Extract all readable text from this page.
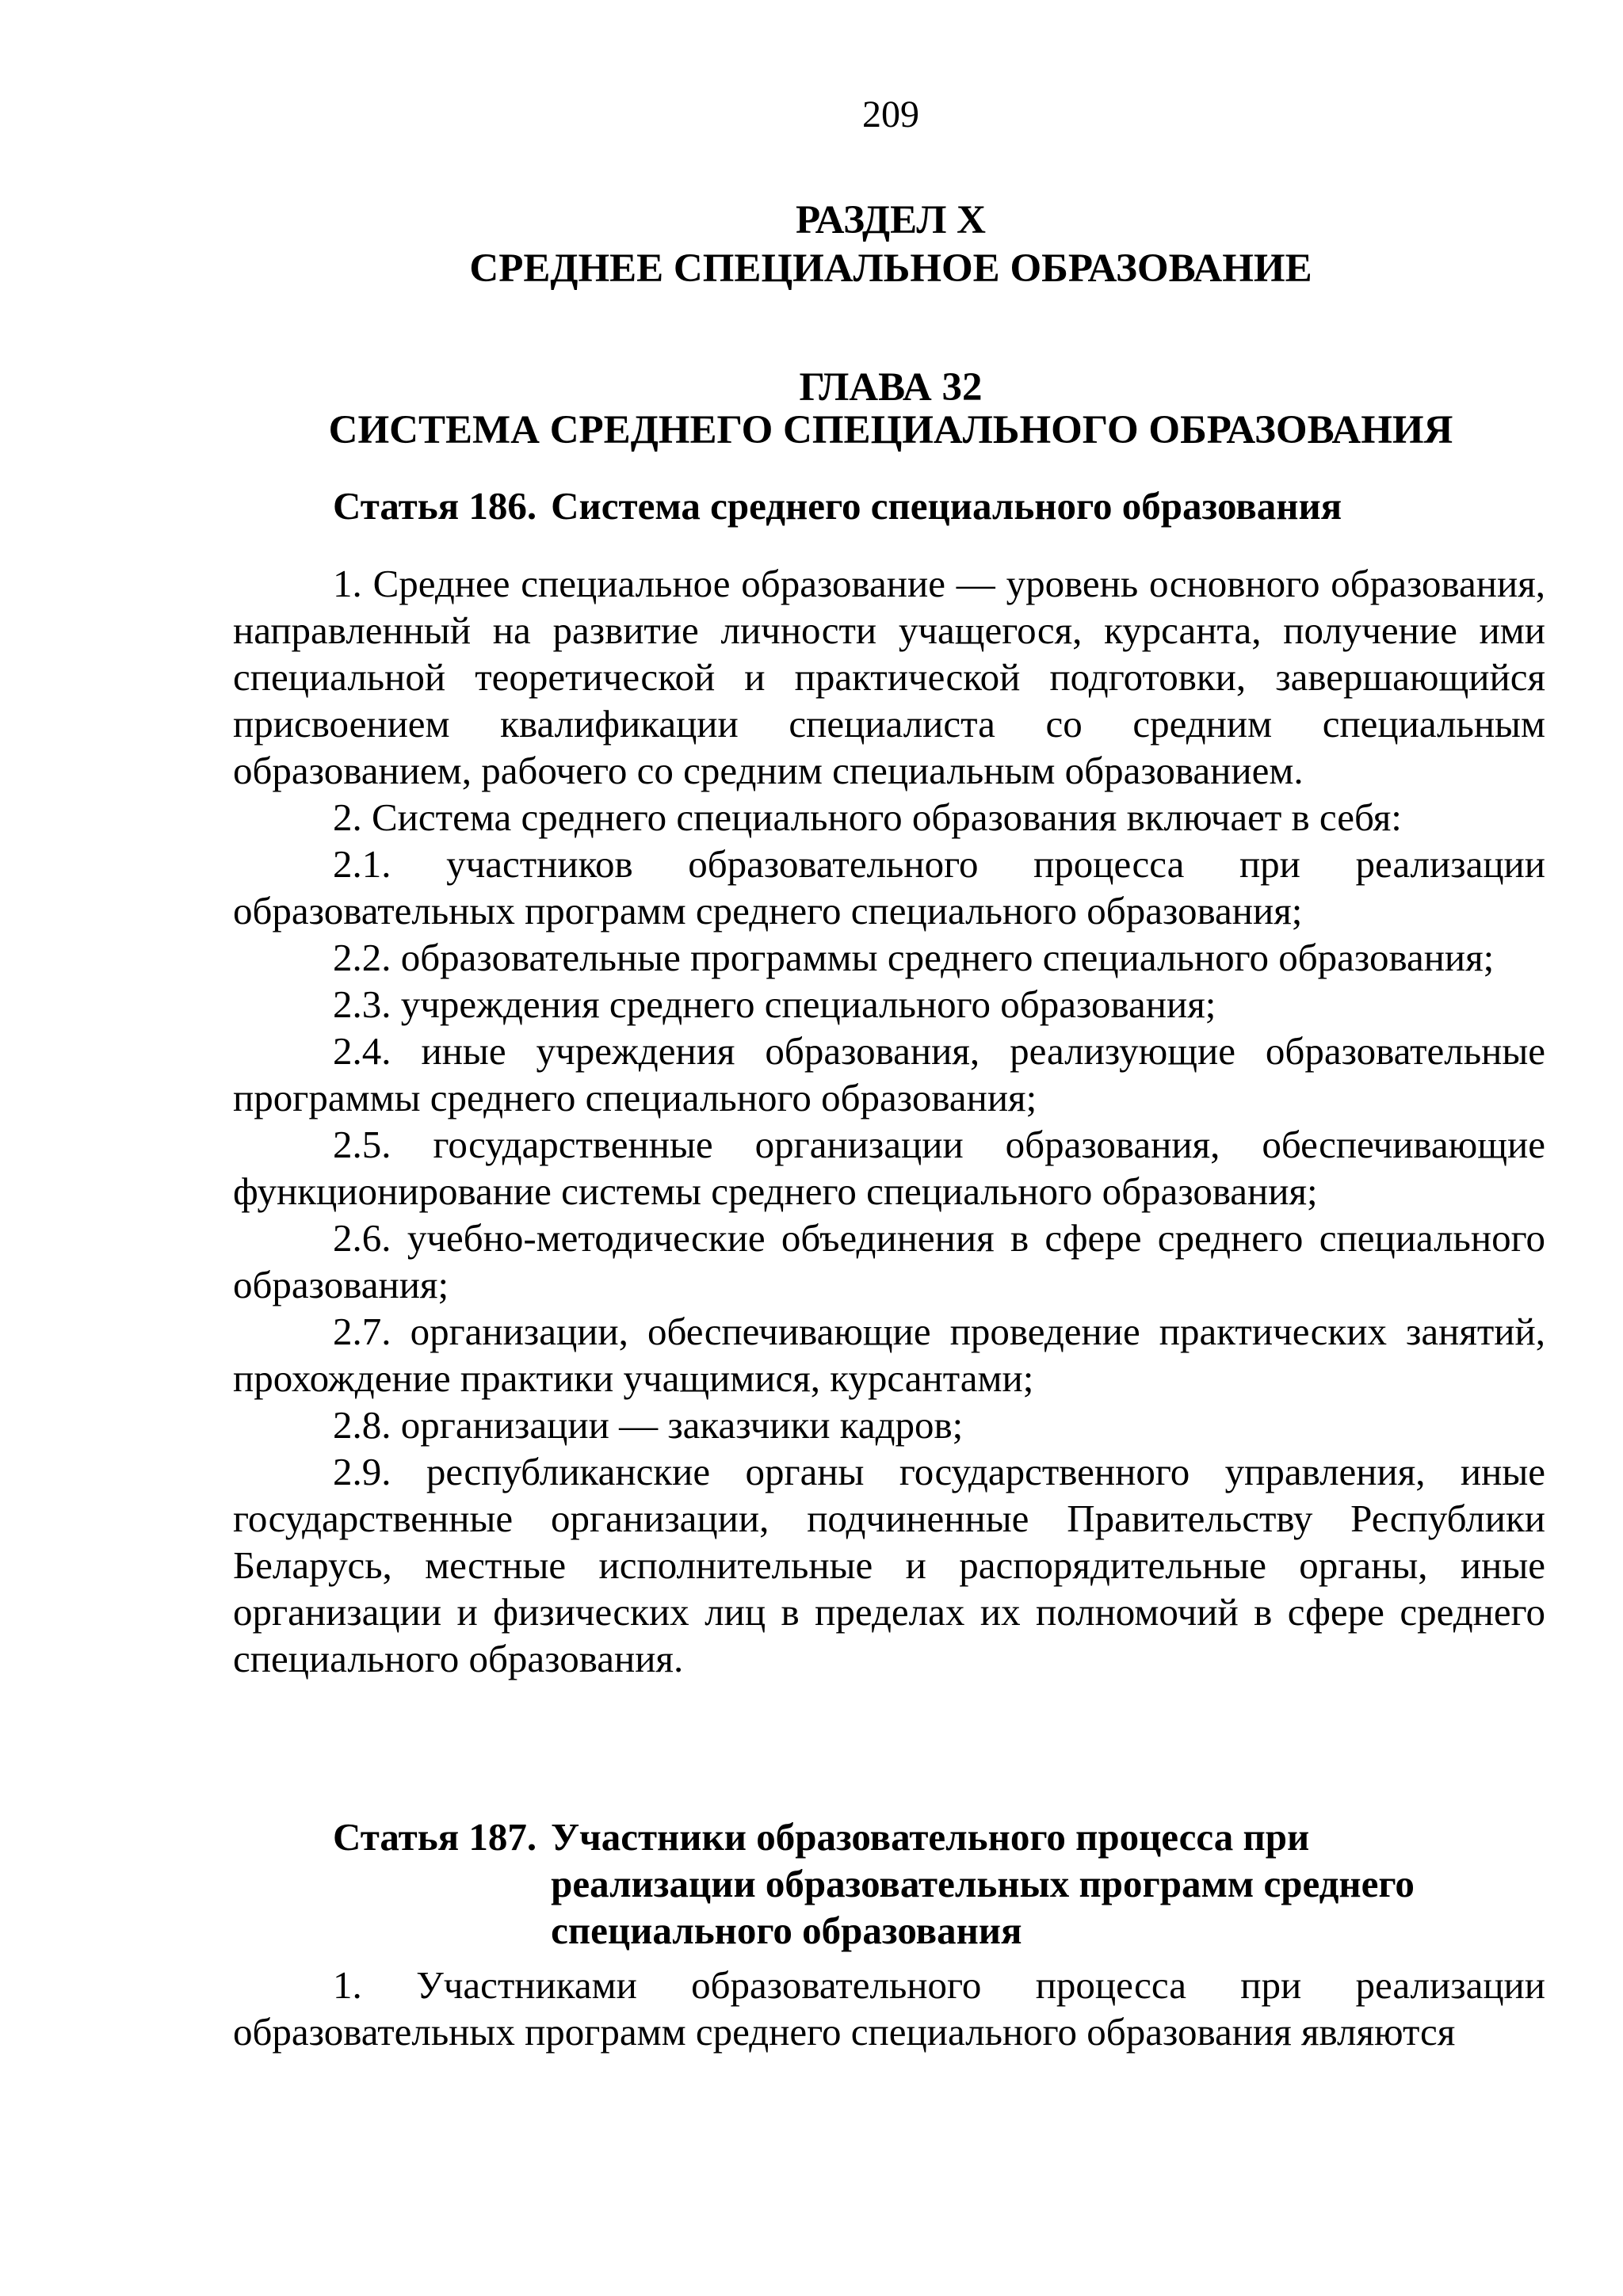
209
РАЗДЕЛ X
СРЕДНЕЕ СПЕЦИАЛЬНОЕ ОБРАЗОВАНИЕ
ГЛАВА 32
СИСТЕМА СРЕДНЕГО СПЕЦИАЛЬНОГО ОБРАЗОВАНИЯ
Статья 186. Система среднего специального образования

1. Среднее специальное образование — уровень основного образования, направленный на развитие личности учащегося, курсанта, получение ими специальной теоретической и практической подготовки, завершающийся присвоением квалификации специалиста со средним специальным образованием, рабочего со средним специальным образованием.

2. Система среднего специального образования включает в себя:

2.1. участников образовательного процесса при реализации образовательных программ среднего специального образования;

2.2. образовательные программы среднего специального образования;

2.3. учреждения среднего специального образования;

2.4. иные учреждения образования, реализующие образовательные программы среднего специального образования;

2.5. государственные организации образования, обеспечивающие функционирование системы среднего специального образования;

2.6. учебно-методические объединения в сфере среднего специального образования;

2.7. организации, обеспечивающие проведение практических занятий, прохождение практики учащимися, курсантами;

2.8. организации — заказчики кадров;

2.9. республиканские органы государственного управления, иные государственные организации, подчиненные Правительству Республики Беларусь, местные исполнительные и распорядительные органы, иные организации и физических лиц в пределах их полномочий в сфере среднего специального образования.

Статья 187. Участники образовательного процесса при реализации образовательных программ среднего специального образования

1. Участниками образовательного процесса при реализации образовательных программ среднего специального образования являются
